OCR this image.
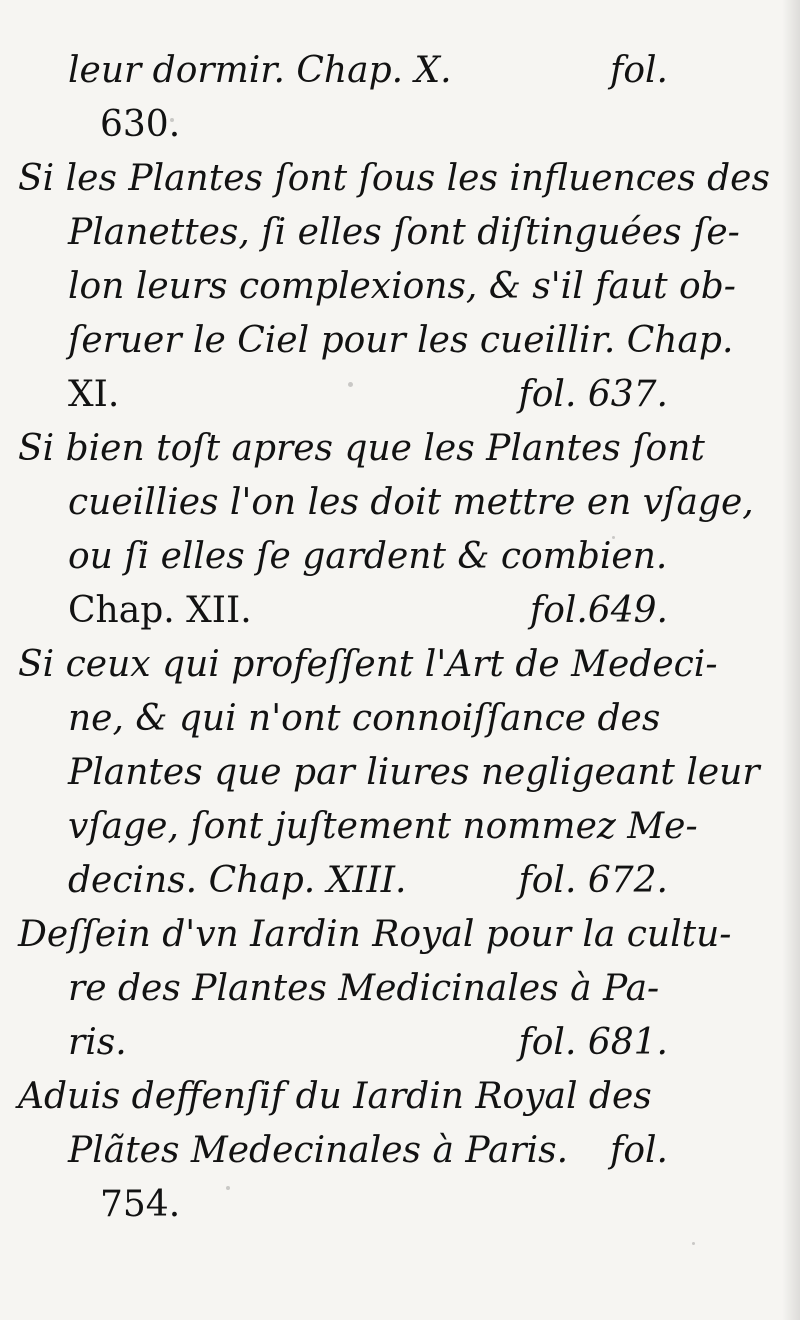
leur dormir. Chap. X.	fol.
630.
Si les Plantes ſont ſous les influences des
Planettes, ſi elles ſont diſtinguées ſe-
lon leurs complexions, & s'il faut ob-
ſeruer le Ciel pour les cueillir. Chap.
XI.	fol. 637.
Si bien toſt apres que les Plantes ſont
cueillies l'on les doit mettre en vſage,
ou ſi elles ſe gardent & combien.
Chap. XII.	fol.649.
Si ceux qui profeſſent l'Art de Medeci-
ne, & qui n'ont connoiſſance des
Plantes que par liures negligeant leur
vſage, ſont juſtement nommez Me-
decins. Chap. XIII.	fol. 672.
Deſſein d'vn Iardin Royal pour la cultu-
re des Plantes Medicinales à Pa-
ris.	fol. 681.
Aduis deffenſif du Iardin Royal des
Plãtes Medecinales à Paris. fol.
754.
